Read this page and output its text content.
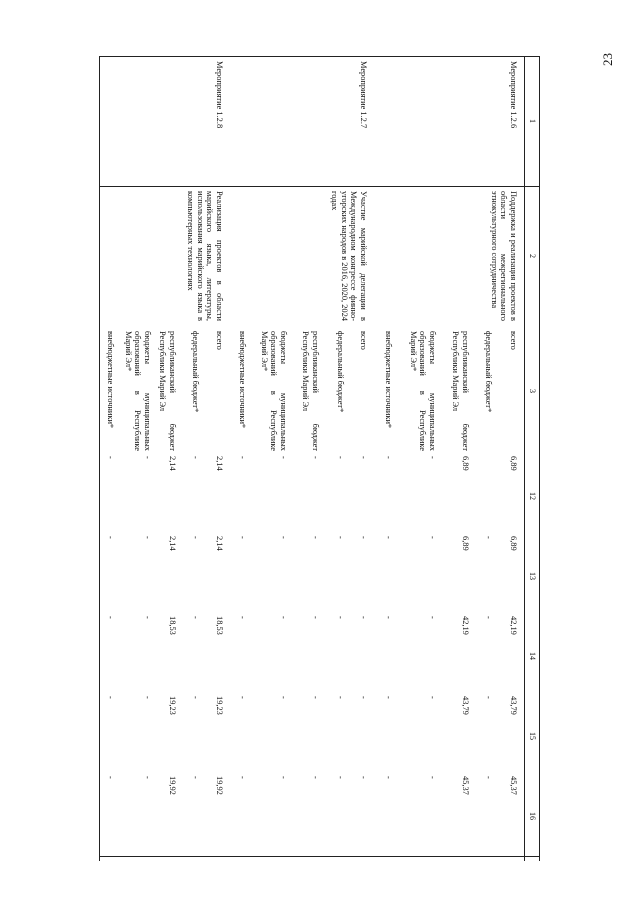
23
1
2
3
12
13
14
15
16
Мероприятие 1.2.6
Поддержка и реализация проектов в области межрегионального этнокультурного сотрудничества
всего
6,89
6,89
42,19
43,79
45,37
федеральный бюджет*
-
-
-
-
республиканский бюджет Республики Марий Эл
6,89
6,89
42,19
43,79
45,37
бюджеты муниципальных образований в Республике Марий Эл*
-
-
-
-
-
внебюджетные источники*
-
-
-
-
-
Мероприятие 1.2.7
Участие марийской делегации в Международном конгрессе финно-угорских народов в 2016, 2020, 2024 годах
всего
-
-
-
-
-
федеральный бюджет*
-
-
-
-
-
республиканский бюджет Республики Марий Эл
-
-
-
-
-
бюджеты муниципальных образований в Республике Марий Эл*
-
-
-
-
-
внебюджетные источники*
-
-
-
-
-
Мероприятие 1.2.8
Реализация проектов в области марийского языка, литературы, использования марийского языка в компьютерных технологиях
всего
2,14
2,14
18,53
19,23
19,92
федеральный бюджет*
-
-
-
-
-
республиканский бюджет Республики Марий Эл
2,14
2,14
18,53
19,23
19,92
бюджеты муниципальных образований в Республике Марий Эл*
-
-
-
-
-
внебюджетные источники*
-
-
-
-
-
